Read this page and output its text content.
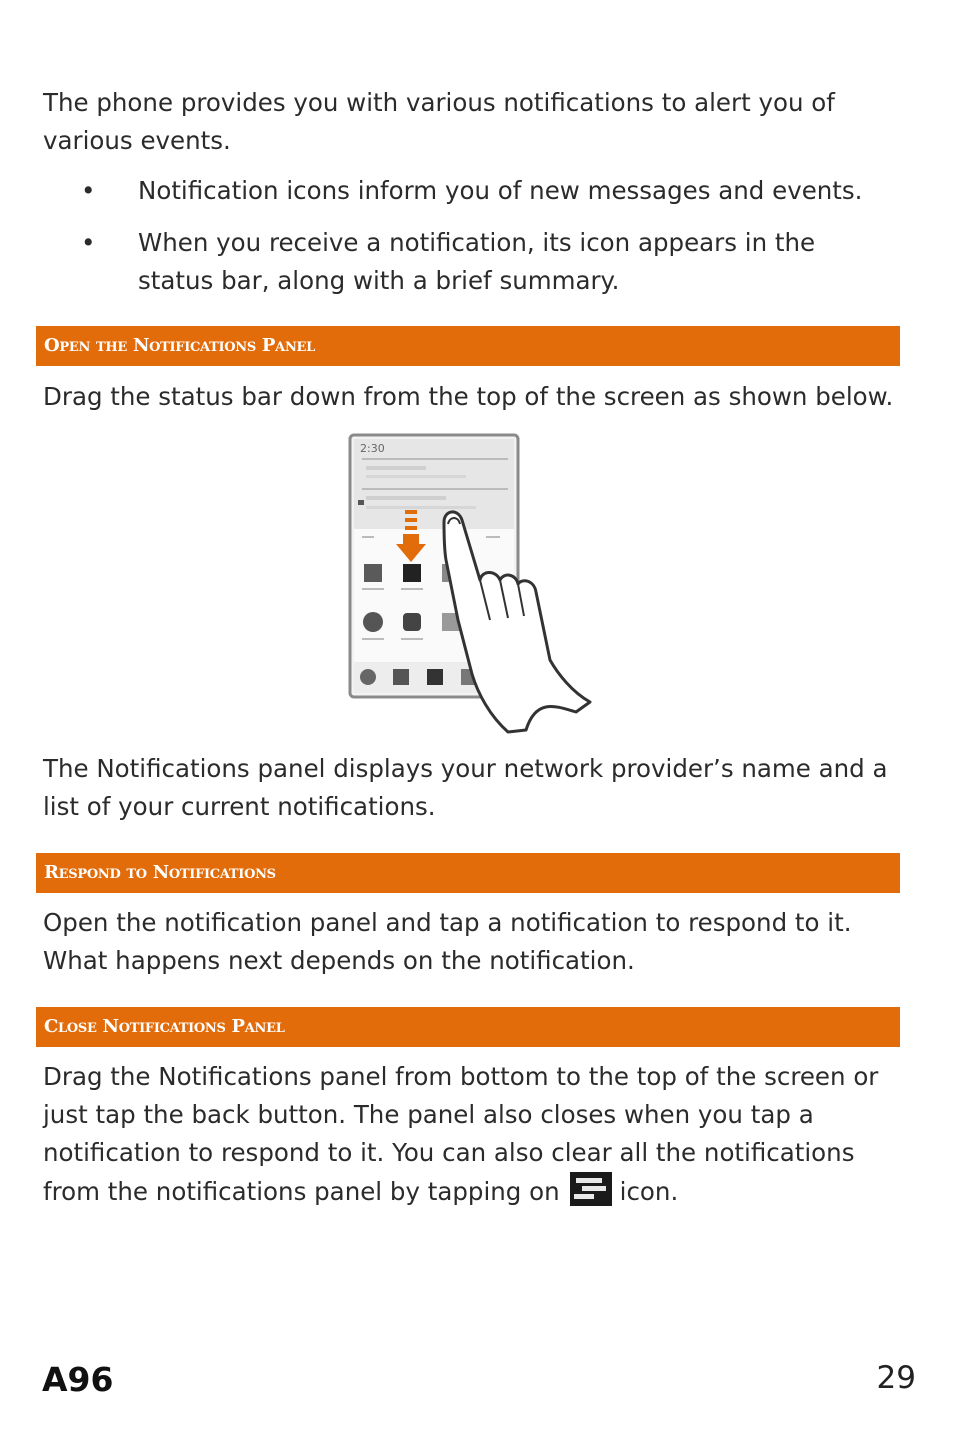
The phone provides you with various notifications to alert you of various events.

• Notification icons inform you of new messages and events.
• When you receive a notification, its icon appears in the status bar, along with a brief summary.
Open the Notifications Panel

Drag the status bar down from the top of the screen as shown below.

2:30

The Notifications panel displays your network provider’s name and a list of your current notifications.

Respond to Notifications

Open the notification panel and tap a notification to respond to it. What happens next depends on the notification.

Close Notifications Panel

Drag the Notifications panel from bottom to the top of the screen or just tap the back button. The panel also closes when you tap a notification to respond to it. You can also clear all the notifications from the notifications panel by tapping on icon.

A96	29
